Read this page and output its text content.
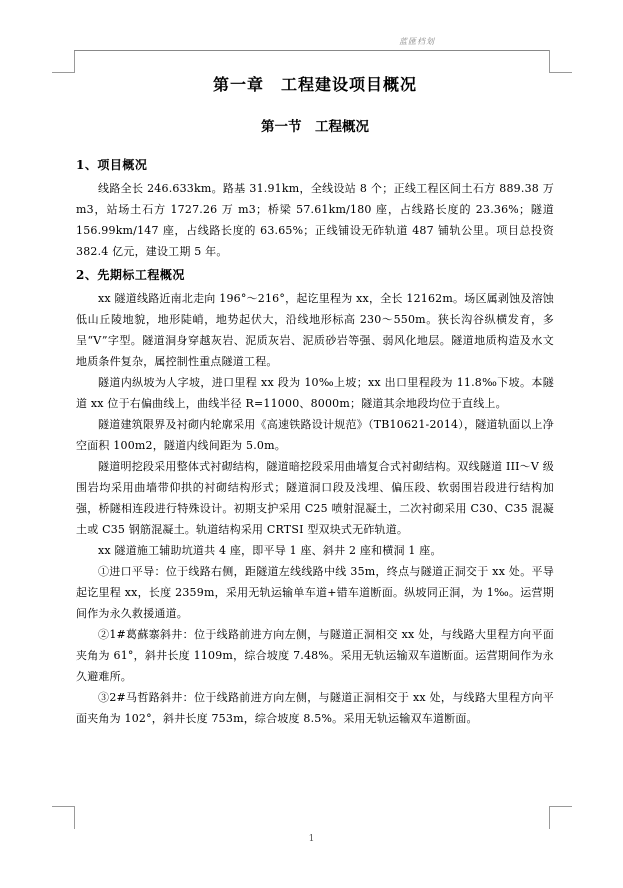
蓝匯档划
第一章　工程建设项目概况
第一节　工程概况
1、项目概况

线路全长 246.633km。路基 31.91km，全线设站 8 个；正线工程区间土石方 889.38 万 m3，站场土石方 1727.26 万 m3；桥梁 57.61km/180 座，占线路长度的 23.36%；隧道 156.99km/147 座，占线路长度的 63.65%；正线铺设无砟轨道 487 铺轨公里。项目总投资 382.4 亿元，建设工期 5 年。

2、先期标工程概况

xx 隧道线路近南北走向 196°～216°，起讫里程为 xx，全长 12162m。场区属剥蚀及溶蚀低山丘陵地貌，地形陡峭，地势起伏大，沿线地形标高 230～550m。狭长沟谷纵横发育，多呈“V”字型。隧道洞身穿越灰岩、泥质灰岩、泥质砂岩等强、弱风化地层。隧道地质构造及水文地质条件复杂，属控制性重点隧道工程。

隧道内纵坡为人字坡，进口里程 xx 段为 10‰上坡；xx 出口里程段为 11.8‰下坡。本隧道 xx 位于右偏曲线上，曲线半径 R=11000、8000m；隧道其余地段均位于直线上。

隧道建筑限界及衬砌内轮廓采用《高速铁路设计规范》（TB10621-2014），隧道轨面以上净空面积 100m2，隧道内线间距为 5.0m。

隧道明挖段采用整体式衬砌结构，隧道暗挖段采用曲墙复合式衬砌结构。双线隧道 III～V 级围岩均采用曲墙带仰拱的衬砌结构形式；隧道洞口段及浅埋、偏压段、软弱围岩段进行结构加强，桥隧相连段进行特殊设计。初期支护采用 C25 喷射混凝土，二次衬砌采用 C30、C35 混凝土或 C35 钢筋混凝土。轨道结构采用 CRTSI 型双块式无砟轨道。

xx 隧道施工辅助坑道共 4 座，即平导 1 座、斜井 2 座和横洞 1 座。

①进口平导：位于线路右侧，距隧道左线线路中线 35m，终点与隧道正洞交于 xx 处。平导起讫里程 xx，长度 2359m，采用无轨运输单车道+错车道断面。纵坡同正洞，为 1‰。运营期间作为永久救援通道。

②1#葛蘇寨斜井：位于线路前进方向左侧，与隧道正洞相交 xx 处，与线路大里程方向平面夹角为 61°，斜井长度 1109m，综合坡度 7.48%。采用无轨运输双车道断面。运营期间作为永久避难所。

③2#马哲路斜井：位于线路前进方向左侧，与隧道正洞相交于 xx 处，与线路大里程方向平面夹角为 102°，斜井长度 753m，综合坡度 8.5%。采用无轨运输双车道断面。

1
